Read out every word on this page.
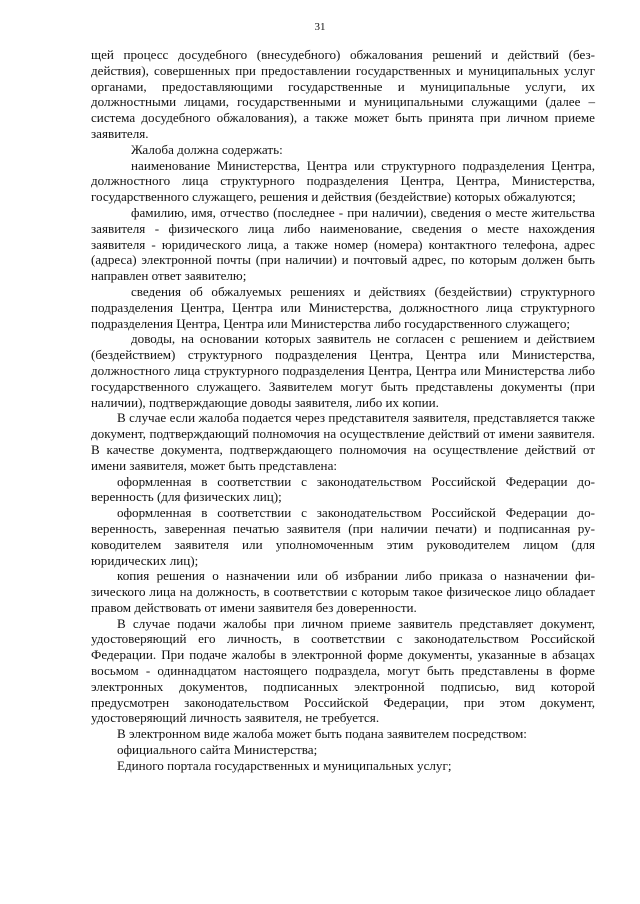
31

щей процесс досудебного (внесудебного) обжалования решений и действий (бездействия), совершенных при предоставлении государственных и муниципальных услуг органами, предоставляющими государственные и муниципальные услуги, их должностными лицами, государственными и муниципальными служащими (далее – система досудебного обжалования), а также может быть принята при личном приеме заявителя.

Жалоба должна содержать:

наименование Министерства, Центра или структурного подразделения Центра, должностного лица структурного подразделения Центра, Центра, Министерства, государственного служащего, решения и действия (бездействие) которых обжалуются;

фамилию, имя, отчество (последнее - при наличии), сведения о месте жительства заявителя - физического лица либо наименование, сведения о месте нахождения заявителя - юридического лица, а также номер (номера) контактного телефона, адрес (адреса) электронной почты (при наличии) и почтовый адрес, по которым должен быть направлен ответ заявителю;

сведения об обжалуемых решениях и действиях (бездействии) структурного подразделения Центра, Центра или Министерства, должностного лица структурного подразделения Центра, Центра или Министерства либо государственного служащего;

доводы, на основании которых заявитель не согласен с решением и действием (бездействием) структурного подразделения Центра, Центра или Министерства, должностного лица структурного подразделения Центра, Центра или Министерства либо государственного служащего. Заявителем могут быть представлены документы (при наличии), подтверждающие доводы заявителя, либо их копии.

В случае если жалоба подается через представителя заявителя, представляется также документ, подтверждающий полномочия на осуществление действий от имени заявителя. В качестве документа, подтверждающего полномочия на осуществление действий от имени заявителя, может быть представлена:

оформленная в соответствии с законодательством Российской Федерации доверенность (для физических лиц);

оформленная в соответствии с законодательством Российской Федерации доверенность, заверенная печатью заявителя (при наличии печати) и подписанная руководителем заявителя или уполномоченным этим руководителем лицом (для юридических лиц);

копия решения о назначении или об избрании либо приказа о назначении физического лица на должность, в соответствии с которым такое физическое лицо обладает правом действовать от имени заявителя без доверенности.

В случае подачи жалобы при личном приеме заявитель представляет документ, удостоверяющий его личность, в соответствии с законодательством Российской Федерации. При подаче жалобы в электронной форме документы, указанные в абзацах восьмом - одиннадцатом настоящего подраздела, могут быть представлены в форме электронных документов, подписанных электронной подписью, вид которой предусмотрен законодательством Российской Федерации, при этом документ, удостоверяющий личность заявителя, не требуется.

В электронном виде жалоба может быть подана заявителем посредством:

официального сайта Министерства;

Единого портала государственных и муниципальных услуг;
